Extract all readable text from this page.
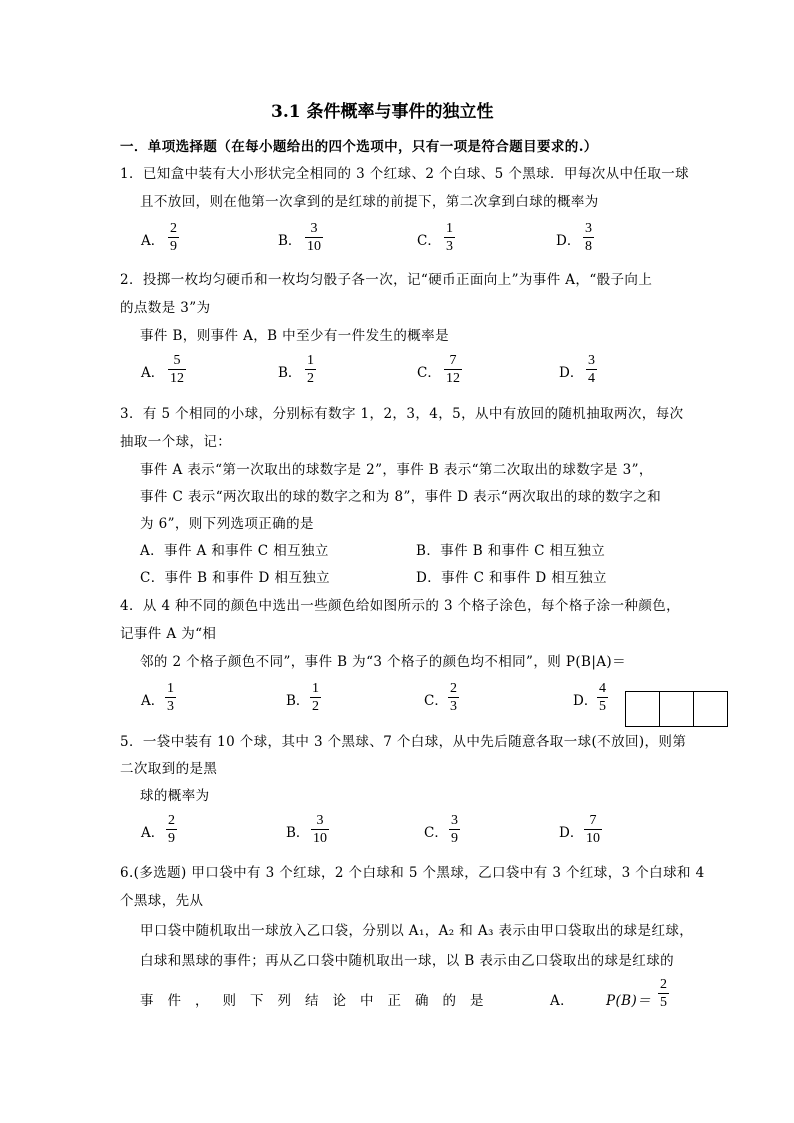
3.1 条件概率与事件的独立性
一．单项选择题（在每小题给出的四个选项中，只有一项是符合题目要求的.）
1．已知盒中装有大小形状完全相同的 3 个红球、2 个白球、5 个黑球．甲每次从中任取一球
且不放回，则在他第一次拿到的是红球的前提下，第二次拿到白球的概率为
A． $\frac{2}{9}$	B． $\frac{3}{10}$	C． $\frac{1}{3}$	D． $\frac{3}{8}$
2．投掷一枚均匀硬币和一枚均匀骰子各一次，记“硬币正面向上”为事件 A，“骰子向上
的点数是 3”为
事件 B，则事件 A，B 中至少有一件发生的概率是
A． $\frac{5}{12}$	B． $\frac{1}{2}$	C． $\frac{7}{12}$	D． $\frac{3}{4}$
3．有 5 个相同的小球，分别标有数字 1，2，3，4，5，从中有放回的随机抽取两次，每次
抽取一个球，记：
事件 A 表示“第一次取出的球数字是 2”，事件 B 表示“第二次取出的球数字是 3”，
事件 C 表示“两次取出的球的数字之和为 8”，事件 D 表示“两次取出的球的数字之和
为 6”，则下列选项正确的是
A．事件 A 和事件 C 相互独立	B．事件 B 和事件 C 相互独立
C．事件 B 和事件 D 相互独立	D．事件 C 和事件 D 相互独立
4．从 4 种不同的颜色中选出一些颜色给如图所示的 3 个格子涂色，每个格子涂一种颜色，
记事件 A 为“相
邻的 2 个格子颜色不同”，事件 B 为“3 个格子的颜色均不相同”，则 P(B|A)＝
A． $\frac{1}{3}$	B． $\frac{1}{2}$	C． $\frac{2}{3}$	D． $\frac{4}{5}$
5．一袋中装有 10 个球，其中 3 个黑球、7 个白球，从中先后随意各取一球(不放回)，则第
二次取到的是黑
球的概率为
A． $\frac{2}{9}$	B． $\frac{3}{10}$	C． $\frac{3}{9}$	D． $\frac{7}{10}$
6.(多选题) 甲口袋中有 3 个红球，2 个白球和 5 个黑球，乙口袋中有 3 个红球，3 个白球和 4
个黑球，先从
甲口袋中随机取出一球放入乙口袋，分别以 A₁，A₂ 和 A₃ 表示由甲口袋取出的球是红球，
白球和黑球的事件；再从乙口袋中随机取出一球，以 B 表示由乙口袋取出的球是红球的
事件，则下列结论中正确的是	A． $P(B)= \frac{2}{5}$
